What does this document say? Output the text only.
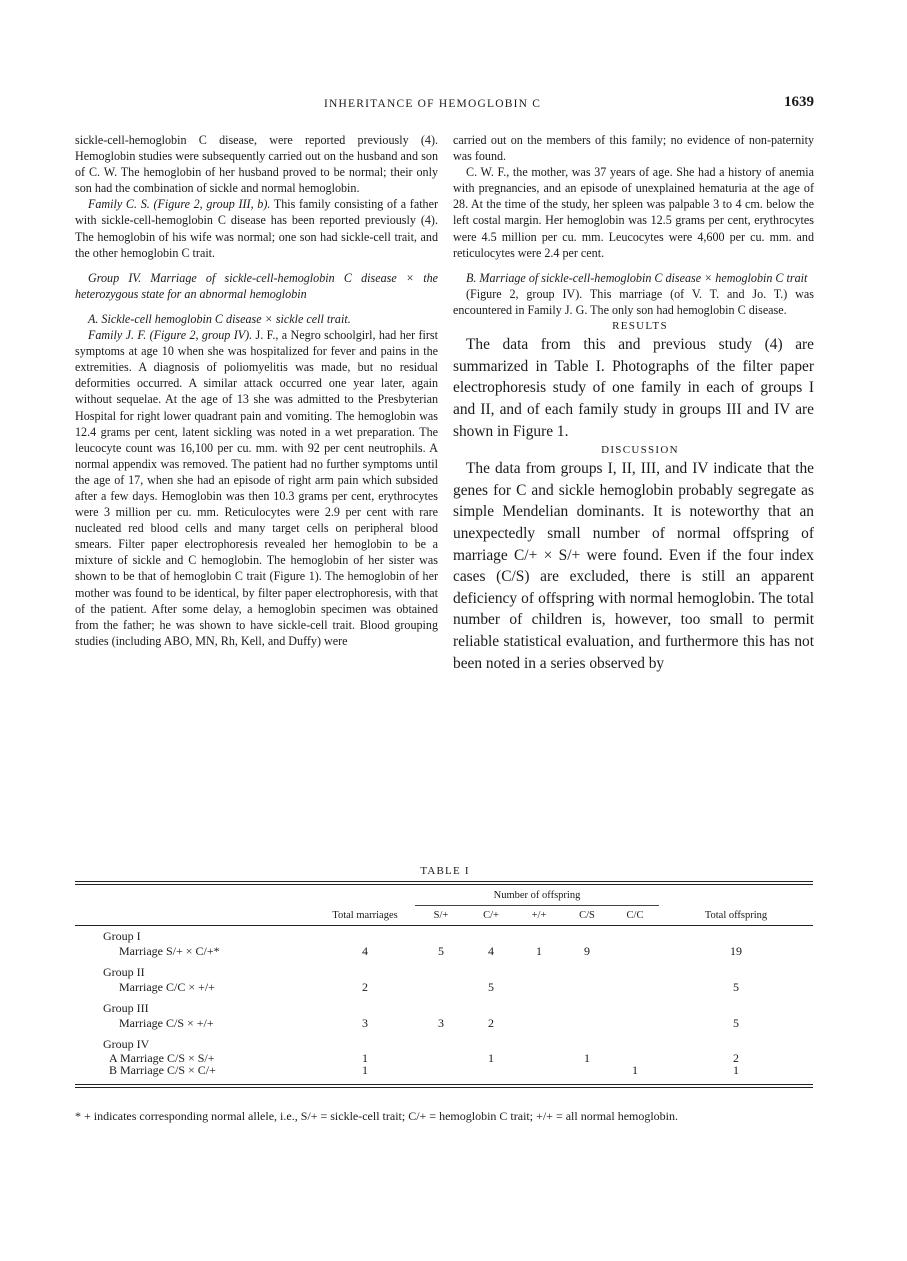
INHERITANCE OF HEMOGLOBIN C	1639

sickle-cell-hemoglobin C disease, were reported previously (4). Hemoglobin studies were subsequently carried out on the husband and son of C. W. The hemoglobin of her husband proved to be normal; their only son had the combination of sickle and normal hemoglobin.

Family C. S. (Figure 2, group III, b). This family consisting of a father with sickle-cell-hemoglobin C disease has been reported previously (4). The hemoglobin of his wife was normal; one son had sickle-cell trait, and the other hemoglobin C trait.

Group IV. Marriage of sickle-cell-hemoglobin C disease × the heterozygous state for an abnormal hemoglobin

A. Sickle-cell hemoglobin C disease × sickle cell trait.

Family J. F. (Figure 2, group IV). J. F., a Negro schoolgirl, had her first symptoms at age 10 when she was hospitalized for fever and pains in the extremities. A diagnosis of poliomyelitis was made, but no residual deformities occurred. A similar attack occurred one year later, again without sequelae. At the age of 13 she was admitted to the Presbyterian Hospital for right lower quadrant pain and vomiting. The hemoglobin was 12.4 grams per cent, latent sickling was noted in a wet preparation. The leucocyte count was 16,100 per cu. mm. with 92 per cent neutrophils. A normal appendix was removed. The patient had no further symptoms until the age of 17, when she had an episode of right arm pain which subsided after a few days. Hemoglobin was then 10.3 grams per cent, erythrocytes were 3 million per cu. mm. Reticulocytes were 2.9 per cent with rare nucleated red blood cells and many target cells on peripheral blood smears. Filter paper electrophoresis revealed her hemoglobin to be a mixture of sickle and C hemoglobin. The hemoglobin of her sister was shown to be that of hemoglobin C trait (Figure 1). The hemoglobin of her mother was found to be identical, by filter paper electrophoresis, with that of the patient. After some delay, a hemoglobin specimen was obtained from the father; he was shown to have sickle-cell trait. Blood grouping studies (including ABO, MN, Rh, Kell, and Duffy) were

carried out on the members of this family; no evidence of non-paternity was found.

C. W. F., the mother, was 37 years of age. She had a history of anemia with pregnancies, and an episode of unexplained hematuria at the age of 28. At the time of the study, her spleen was palpable 3 to 4 cm. below the left costal margin. Her hemoglobin was 12.5 grams per cent, erythrocytes were 4.5 million per cu. mm. Leucocytes were 4,600 per cu. mm. and reticulocytes were 2.4 per cent.

B. Marriage of sickle-cell-hemoglobin C disease × hemoglobin C trait

(Figure 2, group IV). This marriage (of V. T. and Jo. T.) was encountered in Family J. G. The only son had hemoglobin C disease.

RESULTS

The data from this and previous study (4) are summarized in Table I. Photographs of the filter paper electrophoresis study of one family in each of groups I and II, and of each family study in groups III and IV are shown in Figure 1.

DISCUSSION

The data from groups I, II, III, and IV indicate that the genes for C and sickle hemoglobin probably segregate as simple Mendelian dominants. It is noteworthy that an unexpectedly small number of normal offspring of marriage C/+ × S/+ were found. Even if the four index cases (C/S) are excluded, there is still an apparent deficiency of offspring with normal hemoglobin. The total number of children is, however, too small to permit reliable statistical evaluation, and furthermore this has not been noted in a series observed by

TABLE I
		Number of offspring					
	Total marriages	S/+	C/+	+/+	C/S	C/C	Total offspring
Group I							
Marriage S/+ × C/+*	4	5	4	1	9		19
Group II							
Marriage C/C × +/+	2		5				5
Group III							
Marriage C/S × +/+	3	3	2				5
Group IV							
A Marriage C/S × S/+	1		1		1		2
B Marriage C/S × C/+	1					1	1
* + indicates corresponding normal allele, i.e., S/+ = sickle-cell trait; C/+ = hemoglobin C trait; +/+ = all normal hemoglobin.
